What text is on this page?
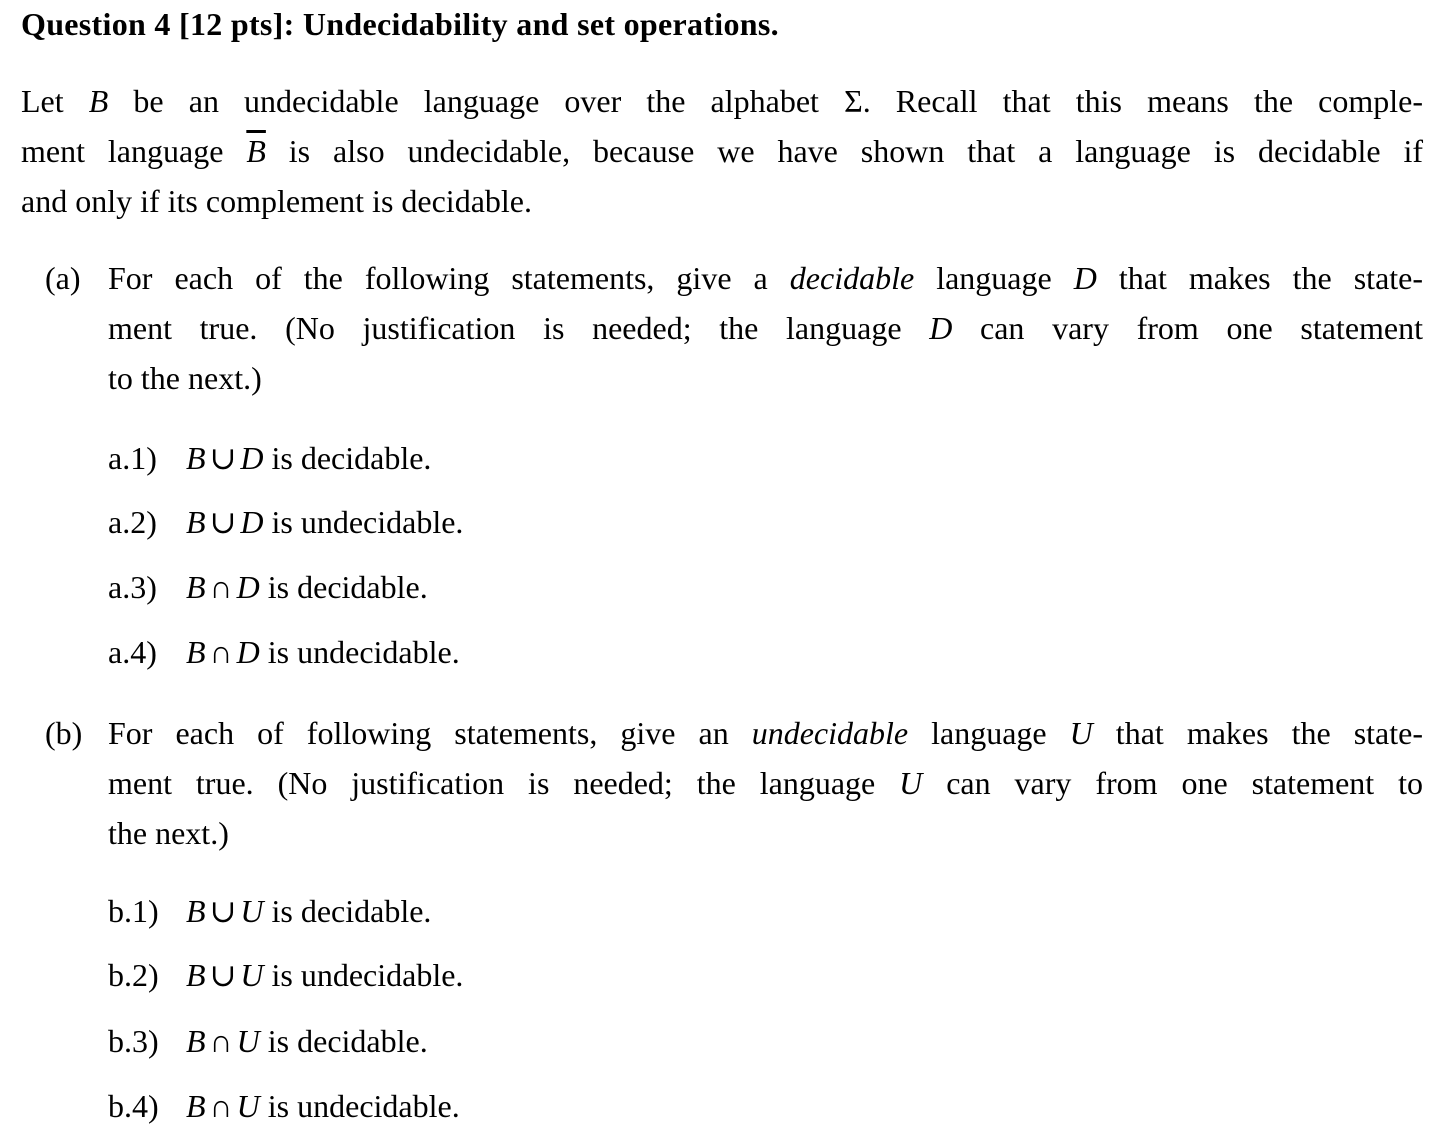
Question 4 [12 pts]: Undecidability and set operations.
Let B be an undecidable language over the alphabet Σ. Recall that this means the comple-
ment language $\overline{B}$ is also undecidable, because we have shown that a language is decidable if
and only if its complement is decidable.
(a) For each of the following statements, give a decidable language D that makes the state-
ment true. (No justification is needed; the language D can vary from one statement
to the next.)
a.1) B ∪ D is decidable.
a.2) B ∪ D is undecidable.
a.3) B ∩ D is decidable.
a.4) B ∩ D is undecidable.
(b) For each of following statements, give an undecidable language U that makes the state-
ment true. (No justification is needed; the language U can vary from one statement to
the next.)
b.1) B ∪ U is decidable.
b.2) B ∪ U is undecidable.
b.3) B ∩ U is decidable.
b.4) B ∩ U is undecidable.
